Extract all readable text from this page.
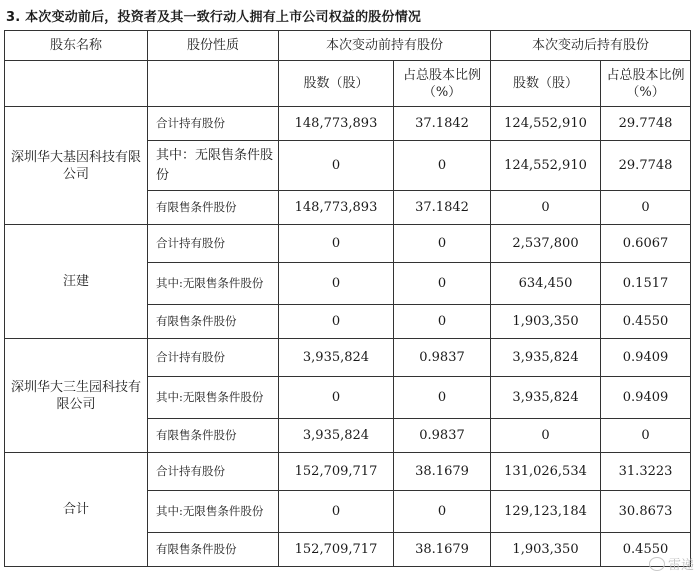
3. 本次变动前后，投资者及其一致行动人拥有上市公司权益的股份情况
股东名称	股份性质	本次变动前持有股份		本次变动后持有股份	
		股数（股）	占总股本比例（%）	股数（股）	占总股本比例（%）
深圳华大基因科技有限公司	合计持有股份	148,773,893	37.1842	124,552,910	29.7748
	其中：无限售条件股份	0	0	124,552,910	29.7748
	有限售条件股份	148,773,893	37.1842	0	0
汪建	合计持有股份	0	0	2,537,800	0.6067
	其中:无限售条件股份	0	0	634,450	0.1517
	有限售条件股份	0	0	1,903,350	0.4550
深圳华大三生园科技有限公司	合计持有股份	3,935,824	0.9837	3,935,824	0.9409
	其中:无限售条件股份	0	0	3,935,824	0.9409
	有限售条件股份	3,935,824	0.9837	0	0
合计	合计持有股份	152,709,717	38.1679	131,026,534	31.3223
	其中:无限售条件股份	0	0	129,123,184	30.8673
	有限售条件股份	152,709,717	38.1679	1,903,350	0.4550
雷递
